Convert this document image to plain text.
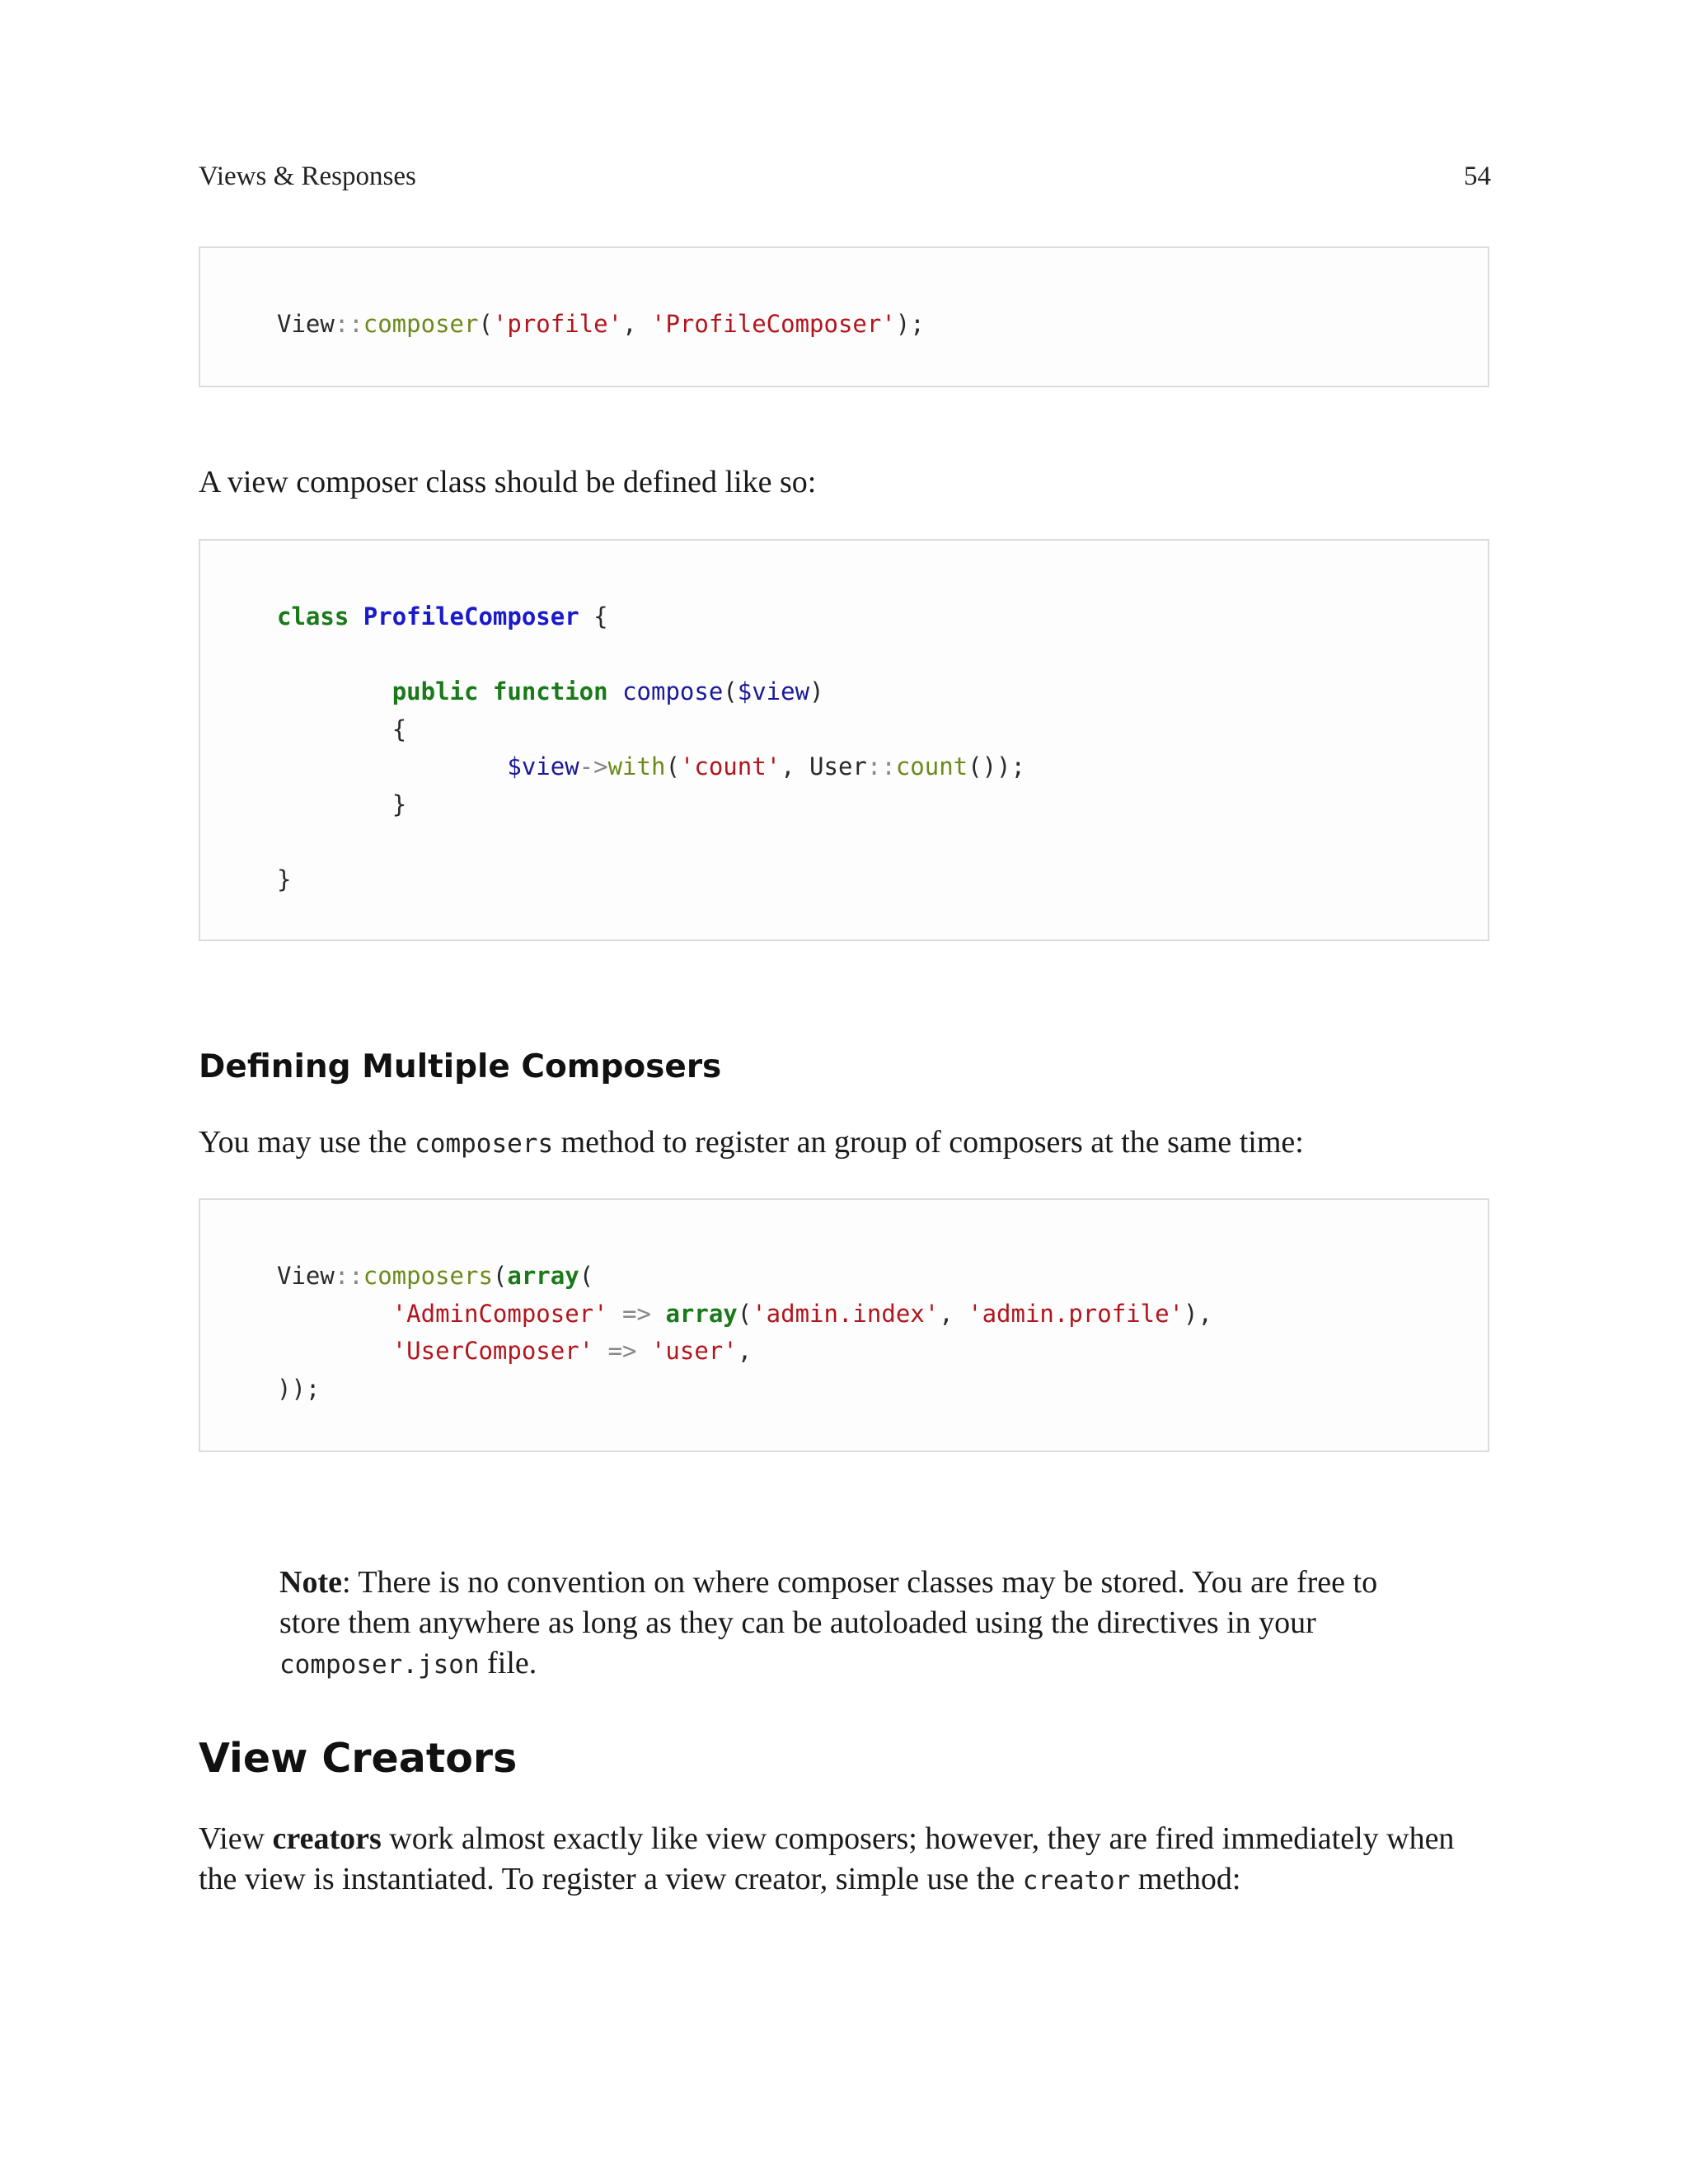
Views & Responses	54
View::composer('profile', 'ProfileComposer');

A view composer class should be defined like so:

class ProfileComposer {

public function compose($view)
{
$view->with('count', User::count());
}

}
Defining Multiple Composers

You may use the composers method to register an group of composers at the same time:

View::composers(array(
'AdminComposer' => array('admin.index', 'admin.profile'),
'UserComposer' => 'user',
));

Note: There is no convention on where composer classes may be stored. You are free to store them anywhere as long as they can be autoloaded using the directives in your composer.json file.

View Creators

View creators work almost exactly like view composers; however, they are fired immediately when the view is instantiated. To register a view creator, simple use the creator method:
